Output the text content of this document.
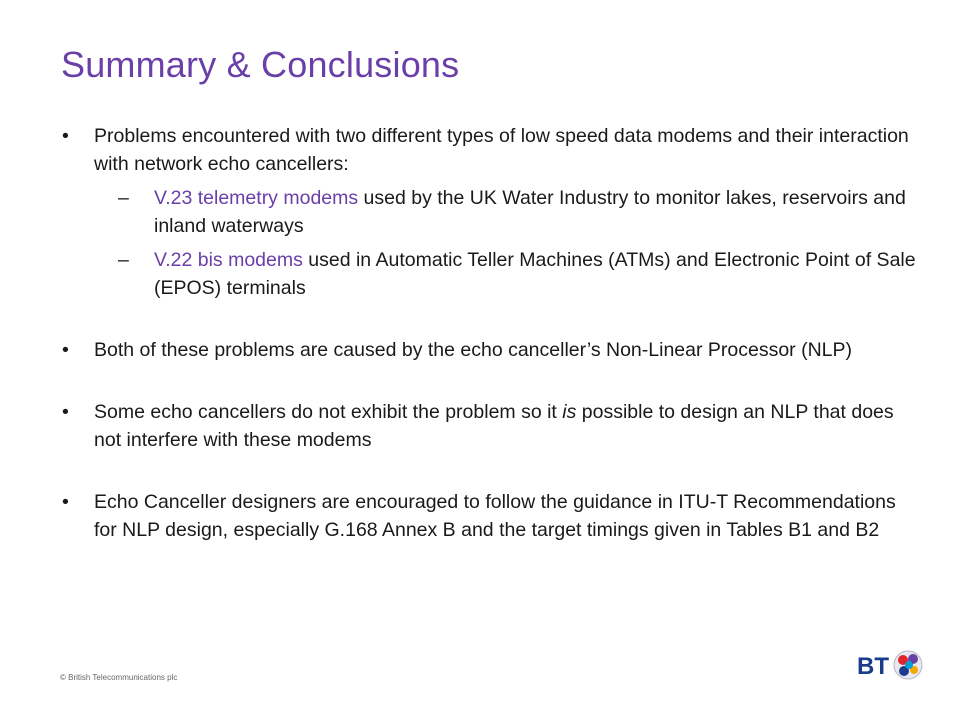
Summary & Conclusions
• Problems encountered with two different types of low speed data modems and their interaction with network echo cancellers:
– V.23 telemetry modems used by the UK Water Industry to monitor lakes, reservoirs and inland waterways
– V.22 bis modems used in Automatic Teller Machines (ATMs) and Electronic Point of Sale (EPOS) terminals
• Both of these problems are caused by the echo canceller’s Non-Linear Processor (NLP)
• Some echo cancellers do not exhibit the problem so it is possible to design an NLP that does not interfere with these modems
• Echo Canceller designers are encouraged to follow the guidance in ITU-T Recommendations for NLP design, especially G.168 Annex B and the target timings given in Tables B1 and B2
© British Telecommunications plc	BT
